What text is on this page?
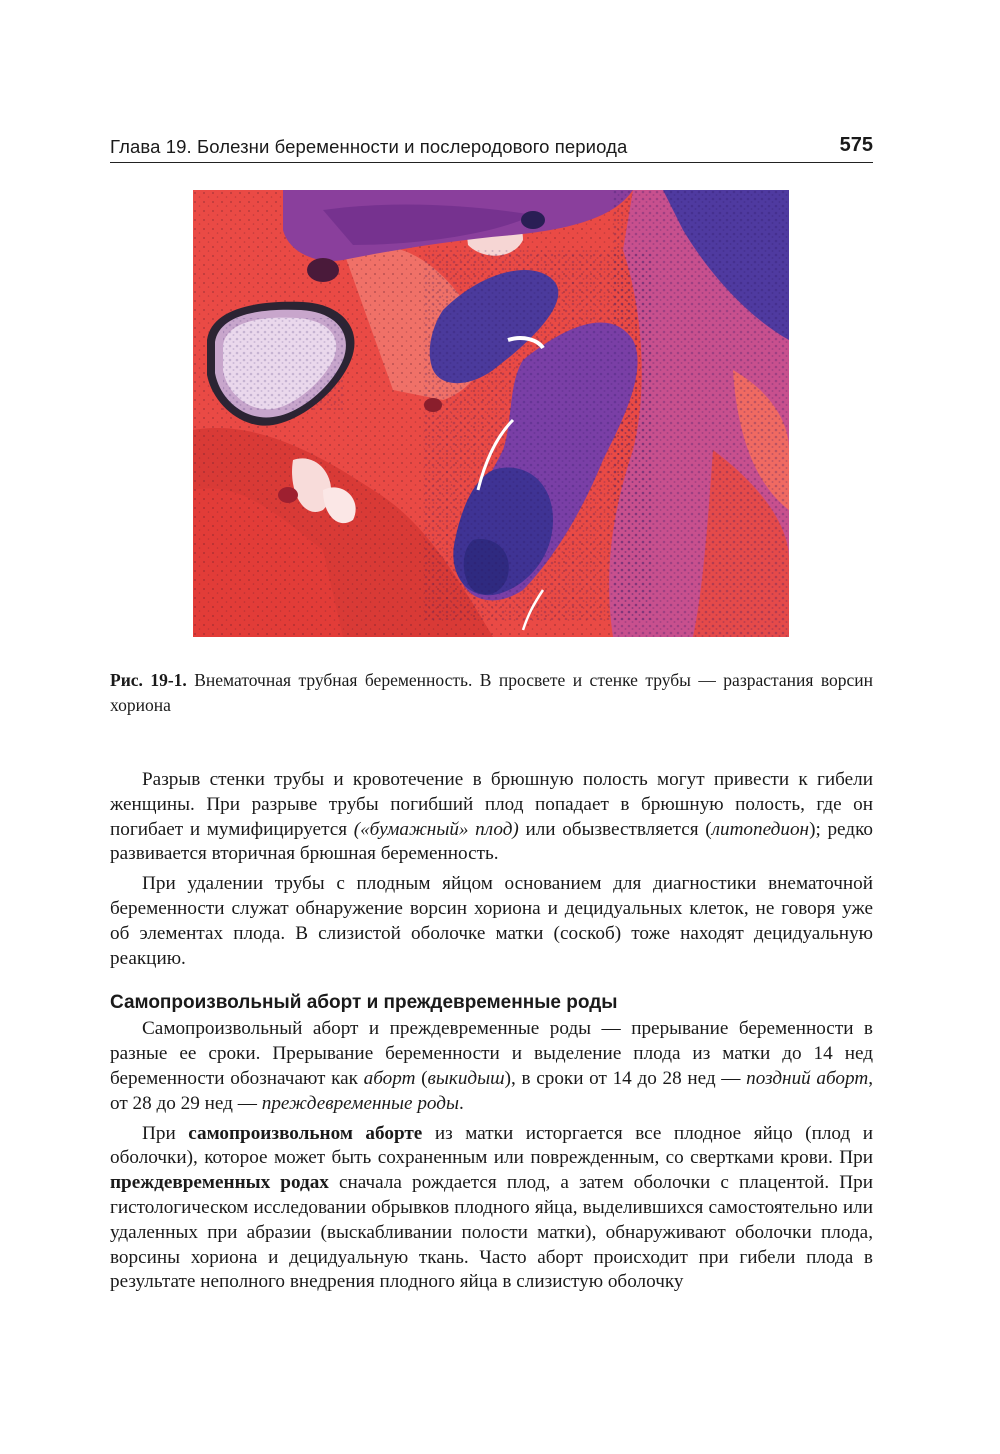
Глава 19. Болезни беременности и послеродового периода	575
Рис. 19-1. Внематочная трубная беременность. В просвете и стенке трубы — разрастания ворсин хориона

Разрыв стенки трубы и кровотечение в брюшную полость могут привести к гибели женщины. При разрыве трубы погибший плод попадает в брюшную полость, где он погибает и мумифицируется («бумажный» плод) или обызвествляется (литопедион); редко развивается вторичная брюшная беременность.

При удалении трубы с плодным яйцом основанием для диагностики внематочной беременности служат обнаружение ворсин хориона и децидуальных клеток, не говоря уже об элементах плода. В слизистой оболочке матки (соскоб) тоже находят децидуальную реакцию.

Самопроизвольный аборт и преждевременные роды

Самопроизвольный аборт и преждевременные роды — прерывание беременности в разные ее сроки. Прерывание беременности и выделение плода из матки до 14 нед беременности обозначают как аборт (выкидыш), в сроки от 14 до 28 нед — поздний аборт, от 28 до 29 нед — преждевременные роды.

При самопроизвольном аборте из матки исторгается все плодное яйцо (плод и оболочки), которое может быть сохраненным или поврежденным, со свертками крови. При преждевременных родах сначала рождается плод, а затем оболочки с плацентой. При гистологическом исследовании обрывков плодного яйца, выделившихся самостоятельно или удаленных при абразии (выскабливании полости матки), обнаруживают оболочки плода, ворсины хориона и децидуальную ткань. Часто аборт происходит при гибели плода в результате неполного внедрения плодного яйца в слизистую оболочку
